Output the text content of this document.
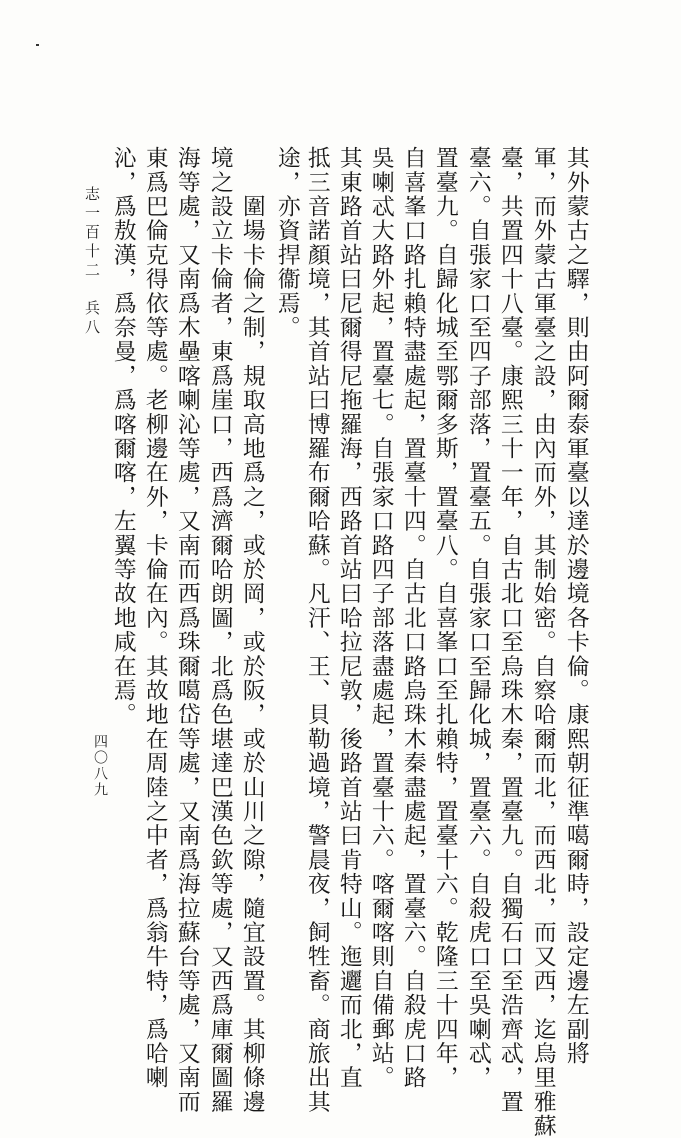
志一百十二　兵八
四〇八九	其外蒙古之驛，則由阿爾泰軍臺以達於邊境各卡倫。康熙朝征準噶爾時，設定邊左副將
軍，而外蒙古軍臺之設，由內而外，其制始密。自察哈爾而北，而西北，而又西，迄烏里雅蘇
臺，共置四十八臺。康熙三十一年，自古北口至烏珠木秦，置臺九。自獨石口至浩齊忒，置
臺六。自張家口至四子部落，置臺五。自張家口至歸化城，置臺六。自殺虎口至吳喇忒，
置臺九。自歸化城至鄂爾多斯，置臺八。自喜峯口至扎賴特，置臺十六。乾隆三十四年，
自喜峯口路扎賴特盡處起，置臺十四。自古北口路烏珠木秦盡處起，置臺六。自殺虎口路
吳喇忒大路外起，置臺七。自張家口路四子部落盡處起，置臺十六。喀爾喀則自備郵站。
其東路首站曰尼爾得尼拖羅海，西路首站曰哈拉尼敦，後路首站曰肯特山。迤邐而北，直
抵三音諾顏境，其首站曰博羅布爾哈蘇。凡汗、王、貝勒過境，警晨夜，飼牲畜。商旅出其
途，亦資捍衞焉。
　　圍場卡倫之制，規取高地爲之，或於岡，或於阪，或於山川之隙，隨宜設置。其柳條邊
境之設立卡倫者，東爲崖口，西爲濟爾哈朗圖，北爲色堪達巴漢色欽等處，又西爲庫爾圖羅
海等處，又南爲木壘喀喇沁等處，又南而西爲珠爾噶岱等處，又南爲海拉蘇台等處，又南而
東爲巴倫克得依等處。老柳邊在外，卡倫在內。其故地在周陸之中者，爲翁牛特，爲哈喇
沁，爲敖漢，爲奈曼，爲喀爾喀，左翼等故地咸在焉。
